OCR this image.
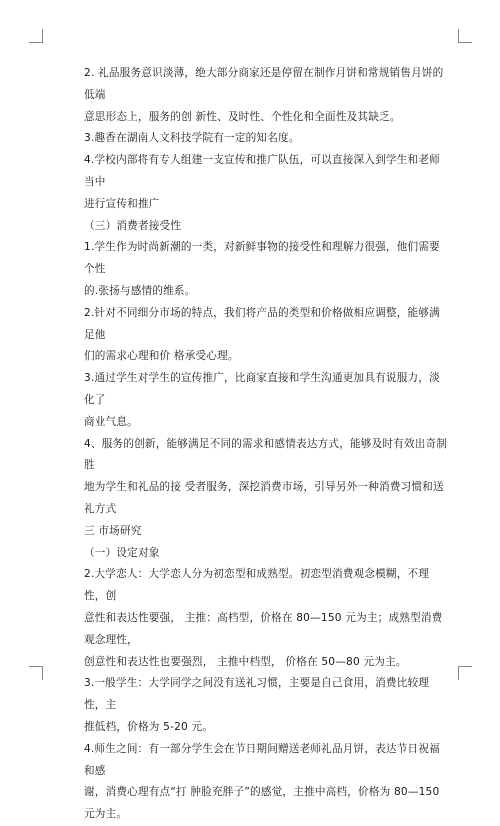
2. 礼品服务意识淡薄，绝大部分商家还是停留在制作月饼和常规销售月饼的低端
意思形态上，服务的创 新性、及时性、个性化和全面性及其缺乏。

3.趣香在湖南人文科技学院有一定的知名度。

4.学校内部将有专人组建一支宣传和推广队伍，可以直接深入到学生和老师当中
进行宣传和推广

（三）消费者接受性

1.学生作为时尚新潮的一类，对新鲜事物的接受性和理解力很强，他们需要个性
的.张扬与感情的维系。

2.针对不同细分市场的特点，我们将产品的类型和价格做相应调整，能够满足他
们的需求心理和价 格承受心理。

3.通过学生对学生的宣传推广，比商家直接和学生沟通更加具有说服力，淡化了
商业气息。

4、服务的创新，能够满足不同的需求和感情表达方式，能够及时有效出奇制胜
地为学生和礼品的接 受者服务，深挖消费市场，引导另外一种消费习惯和送礼方式

三 市场研究

（一）设定对象

2.大学恋人：大学恋人分为初恋型和成熟型。初恋型消费观念模糊，不理性，创
意性和表达性要强， 主推：高档型，价格在 80—150 元为主；成熟型消费观念理性，
创意性和表达性也要强烈， 主推中档型， 价格在 50—80 元为主。

3.一般学生：大学同学之间没有送礼习惯，主要是自己食用，消费比较理性，主
推低档，价格为 5-20 元。

4.师生之间：有一部分学生会在节日期间赠送老师礼品月饼，表达节日祝福和感
谢，消费心理有点“打 肿脸充胖子”的感觉，主推中高档，价格为 80—150 元为主。
